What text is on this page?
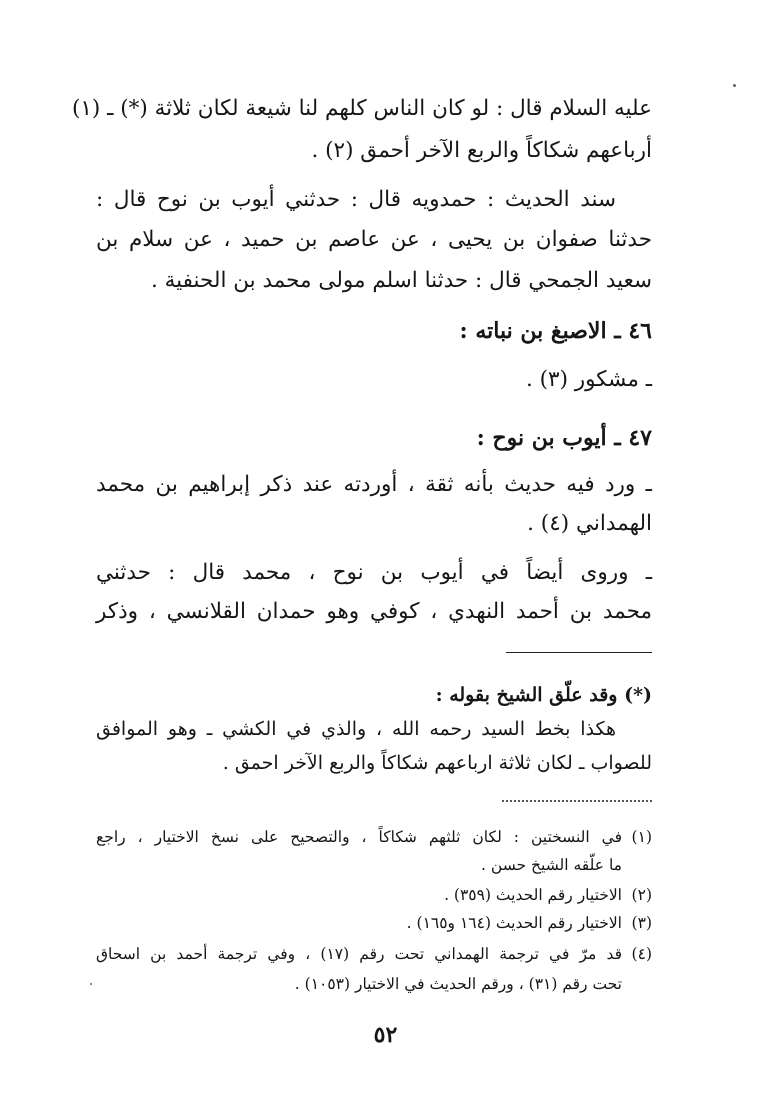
عليه السلام قال : لو كان الناس كلهم لنا شيعة لكان ثلاثة (*) ـ (١)
أرباعهم شكاكاً والربع الآخر أحمق (٢) .
سند الحديث : حمدويه قال : حدثني أيوب بن نوح قال :
حدثنا صفوان بن يحيى ، عن عاصم بن حميد ، عن سلام بن
سعيد الجمحي قال : حدثنا اسلم مولى محمد بن الحنفية .
٤٦ ـ الاصبغ بن نباته :
ـ مشكور (٣) .
٤٧ ـ أيوب بن نوح :
ـ ورد فيه حديث بأنه ثقة ، أوردته عند ذكر إبراهيم بن محمد
الهمداني (٤) .
ـ وروى أيضاً في أيوب بن نوح ، محمد قال : حدثني
محمد بن أحمد النهدي ، كوفي وهو حمدان القلانسي ، وذكر
(*) وقد علّق الشيخ بقوله :
هكذا بخط السيد رحمه الله ، والذي في الكشي ـ وهو الموافق
للصواب ـ لكان ثلاثة ارباعهم شكاكاً والربع الآخر احمق .
(١)في النسختين : لكان ثلثهم شكاكاً ، والتصحيح على نسخ الاختيار ، راجع
ما علّقه الشيخ حسن .
(٢)الاختيار رقم الحديث (٣٥٩) .
(٣)الاختيار رقم الحديث (١٦٤ و١٦٥) .
(٤)قد مرّ في ترجمة الهمداني تحت رقم (١٧) ، وفي ترجمة أحمد بن اسحاق
تحت رقم (٣١) ، ورقم الحديث في الاختيار (١٠٥٣) .
٥٢
